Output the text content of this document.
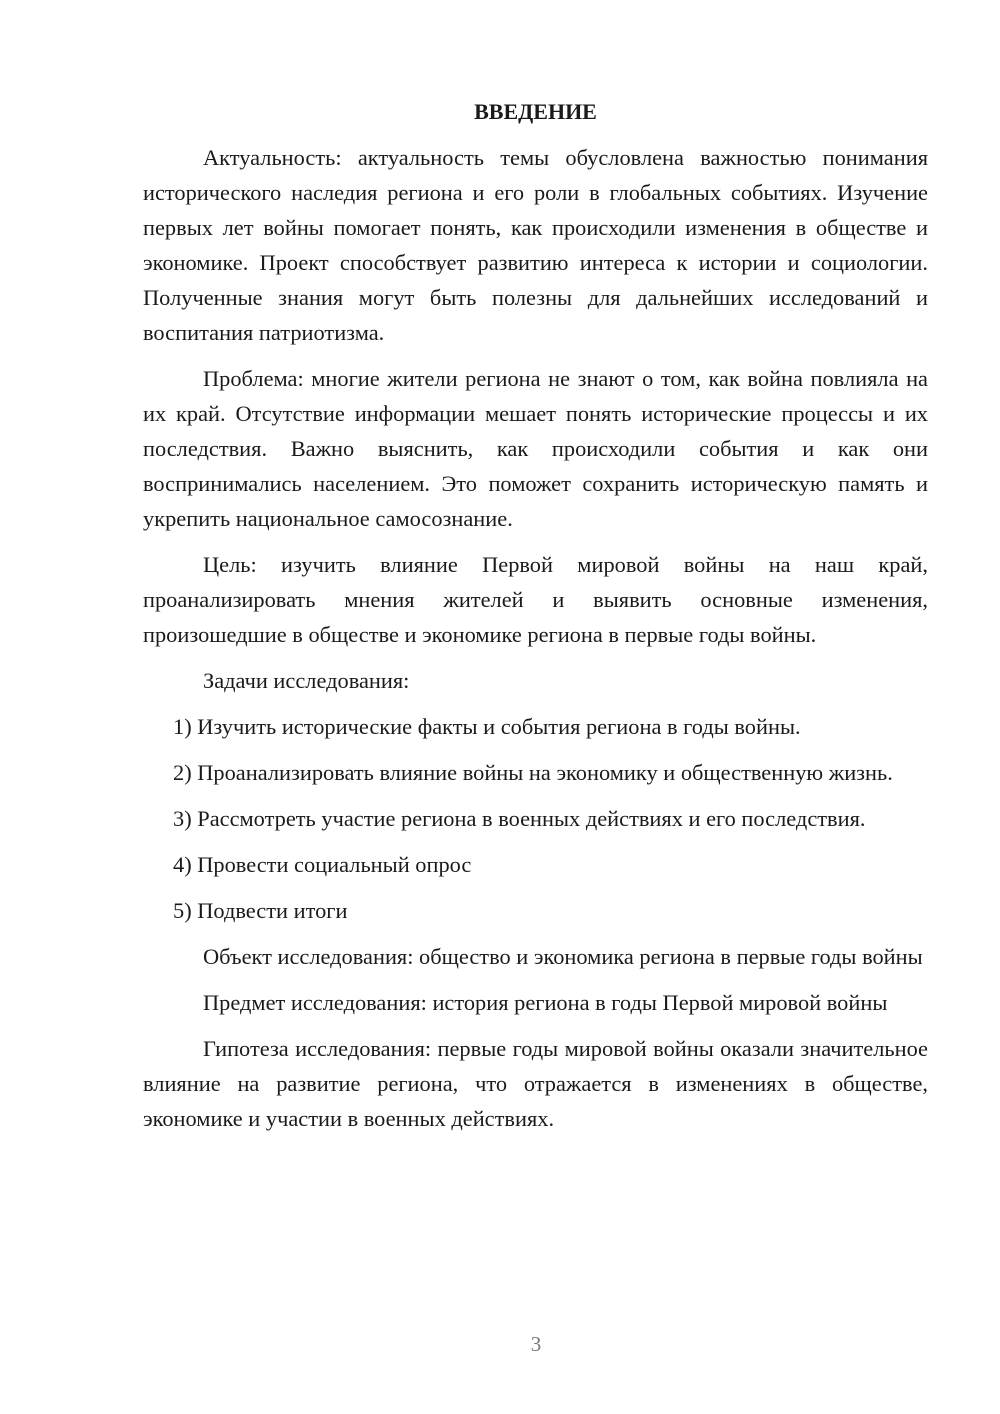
ВВЕДЕНИЕ

Актуальность: актуальность темы обусловлена важностью понимания исторического наследия региона и его роли в глобальных событиях. Изучение первых лет войны помогает понять, как происходили изменения в обществе и экономике. Проект способствует развитию интереса к истории и социологии. Полученные знания могут быть полезны для дальнейших исследований и воспитания патриотизма.

Проблема: многие жители региона не знают о том, как война повлияла на их край. Отсутствие информации мешает понять исторические процессы и их последствия. Важно выяснить, как происходили события и как они воспринимались населением. Это поможет сохранить историческую память и укрепить национальное самосознание.

Цель: изучить влияние Первой мировой войны на наш край, проанализировать мнения жителей и выявить основные изменения, произошедшие в обществе и экономике региона в первые годы войны.

Задачи исследования:

1) Изучить исторические факты и события региона в годы войны.

2) Проанализировать влияние войны на экономику и общественную жизнь.

3) Рассмотреть участие региона в военных действиях и его последствия.

4) Провести социальный опрос

5) Подвести итоги

Объект исследования: общество и экономика региона в первые годы войны

Предмет исследования: история региона в годы Первой мировой войны

Гипотеза исследования: первые годы мировой войны оказали значительное влияние на развитие региона, что отражается в изменениях в обществе, экономике и участии в военных действиях.

3
